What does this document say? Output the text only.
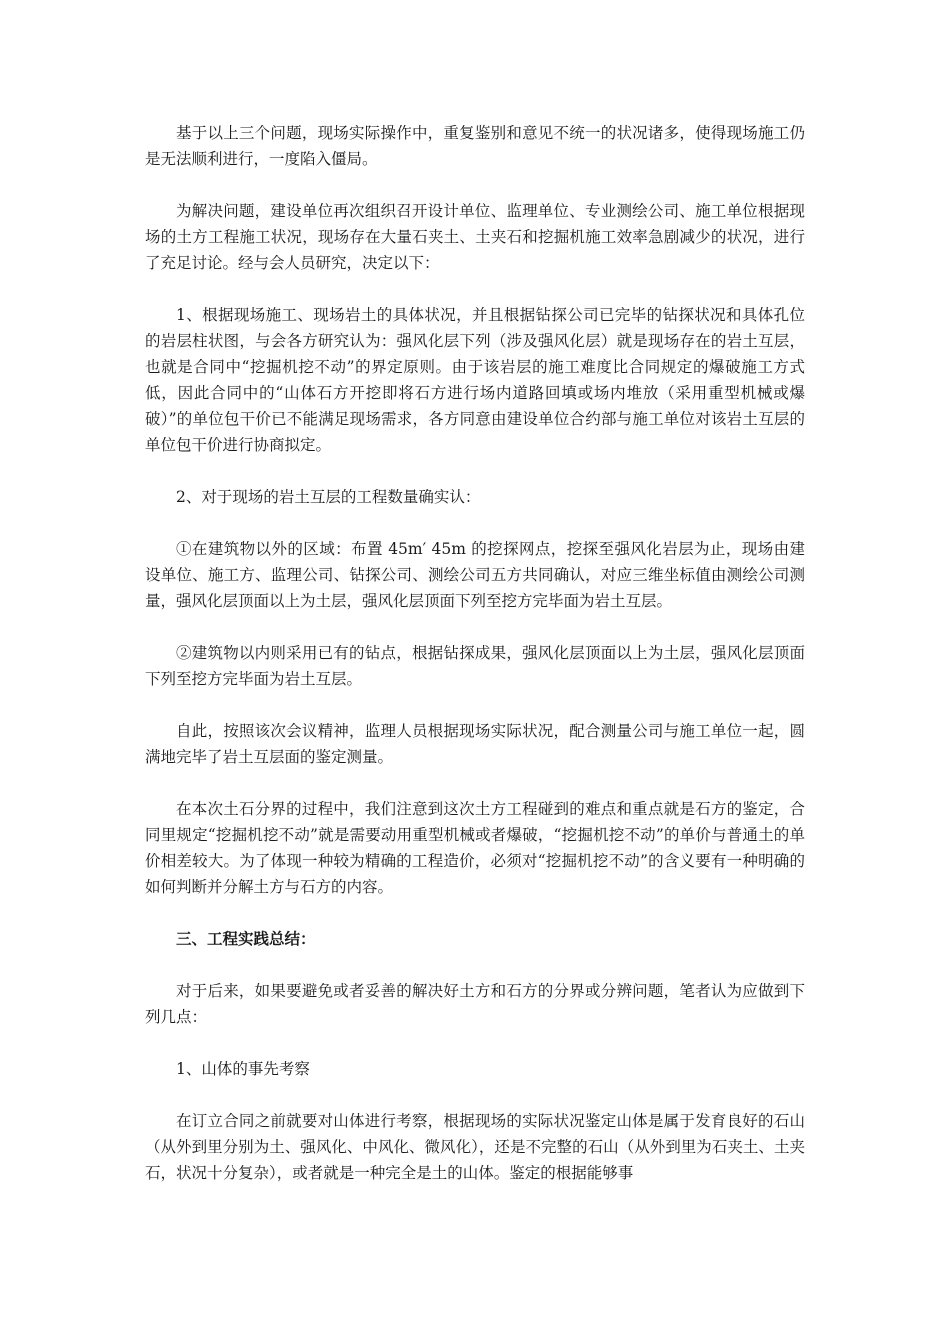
基于以上三个问题，现场实际操作中，重复鉴别和意见不统一的状况诸多，使得现场施工仍是无法顺利进行，一度陷入僵局。

为解决问题，建设单位再次组织召开设计单位、监理单位、专业测绘公司、施工单位根据现场的土方工程施工状况，现场存在大量石夹土、土夹石和挖掘机施工效率急剧减少的状况，进行了充足讨论。经与会人员研究，决定以下：

1、根据现场施工、现场岩土的具体状况，并且根据钻探公司已完毕的钻探状况和具体孔位的岩层柱状图，与会各方研究认为：强风化层下列（涉及强风化层）就是现场存在的岩土互层，也就是合同中“挖掘机挖不动”的界定原则。由于该岩层的施工难度比合同规定的爆破施工方式低，因此合同中的“山体石方开挖即将石方进行场内道路回填或场内堆放（采用重型机械或爆破）”的单位包干价已不能满足现场需求，各方同意由建设单位合约部与施工单位对该岩土互层的单位包干价进行协商拟定。

2、对于现场的岩土互层的工程数量确实认：

①在建筑物以外的区域：布置 45m′ 45m 的挖探网点，挖探至强风化岩层为止，现场由建设单位、施工方、监理公司、钻探公司、测绘公司五方共同确认，对应三维坐标值由测绘公司测量，强风化层顶面以上为土层，强风化层顶面下列至挖方完毕面为岩土互层。

②建筑物以内则采用已有的钻点，根据钻探成果，强风化层顶面以上为土层，强风化层顶面下列至挖方完毕面为岩土互层。

自此，按照该次会议精神，监理人员根据现场实际状况，配合测量公司与施工单位一起，圆满地完毕了岩土互层面的鉴定测量。

在本次土石分界的过程中，我们注意到这次土方工程碰到的难点和重点就是石方的鉴定，合同里规定“挖掘机挖不动”就是需要动用重型机械或者爆破，“挖掘机挖不动”的单价与普通土的单价相差较大。为了体现一种较为精确的工程造价，必须对“挖掘机挖不动”的含义要有一种明确的如何判断并分解土方与石方的内容。

三、工程实践总结：

对于后来，如果要避免或者妥善的解决好土方和石方的分界或分辨问题，笔者认为应做到下列几点：

1、山体的事先考察

在订立合同之前就要对山体进行考察，根据现场的实际状况鉴定山体是属于发育良好的石山（从外到里分别为土、强风化、中风化、微风化），还是不完整的石山（从外到里为石夹土、土夹石，状况十分复杂），或者就是一种完全是土的山体。鉴定的根据能够事
